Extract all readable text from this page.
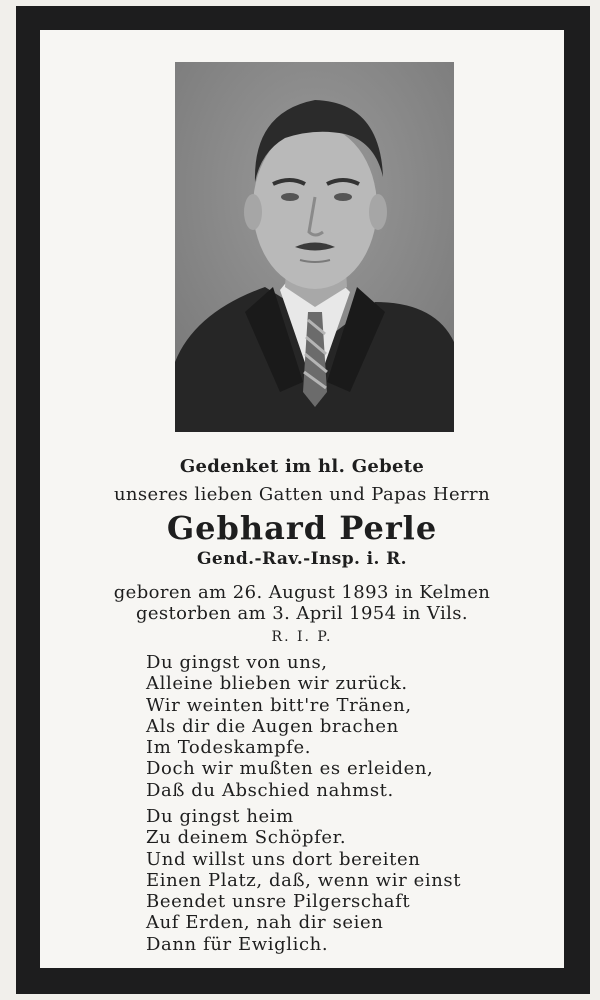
Gedenket im hl. Gebete
unseres lieben Gatten und Papas Herrn
Gebhard Perle
Gend.-Rav.-Insp. i. R.
geboren am 26. August 1893 in Kelmen
gestorben am 3. April 1954 in Vils.
R. I. P.
Du gingst von uns,
Alleine blieben wir zurück.
Wir weinten bitt're Tränen,
Als dir die Augen brachen
Im Todeskampfe.
Doch wir mußten es erleiden,
Daß du Abschied nahmst.
Du gingst heim
Zu deinem Schöpfer.
Und willst uns dort bereiten
Einen Platz, daß, wenn wir einst
Beendet unsre Pilgerschaft
Auf Erden, nah dir seien
Dann für Ewiglich.
